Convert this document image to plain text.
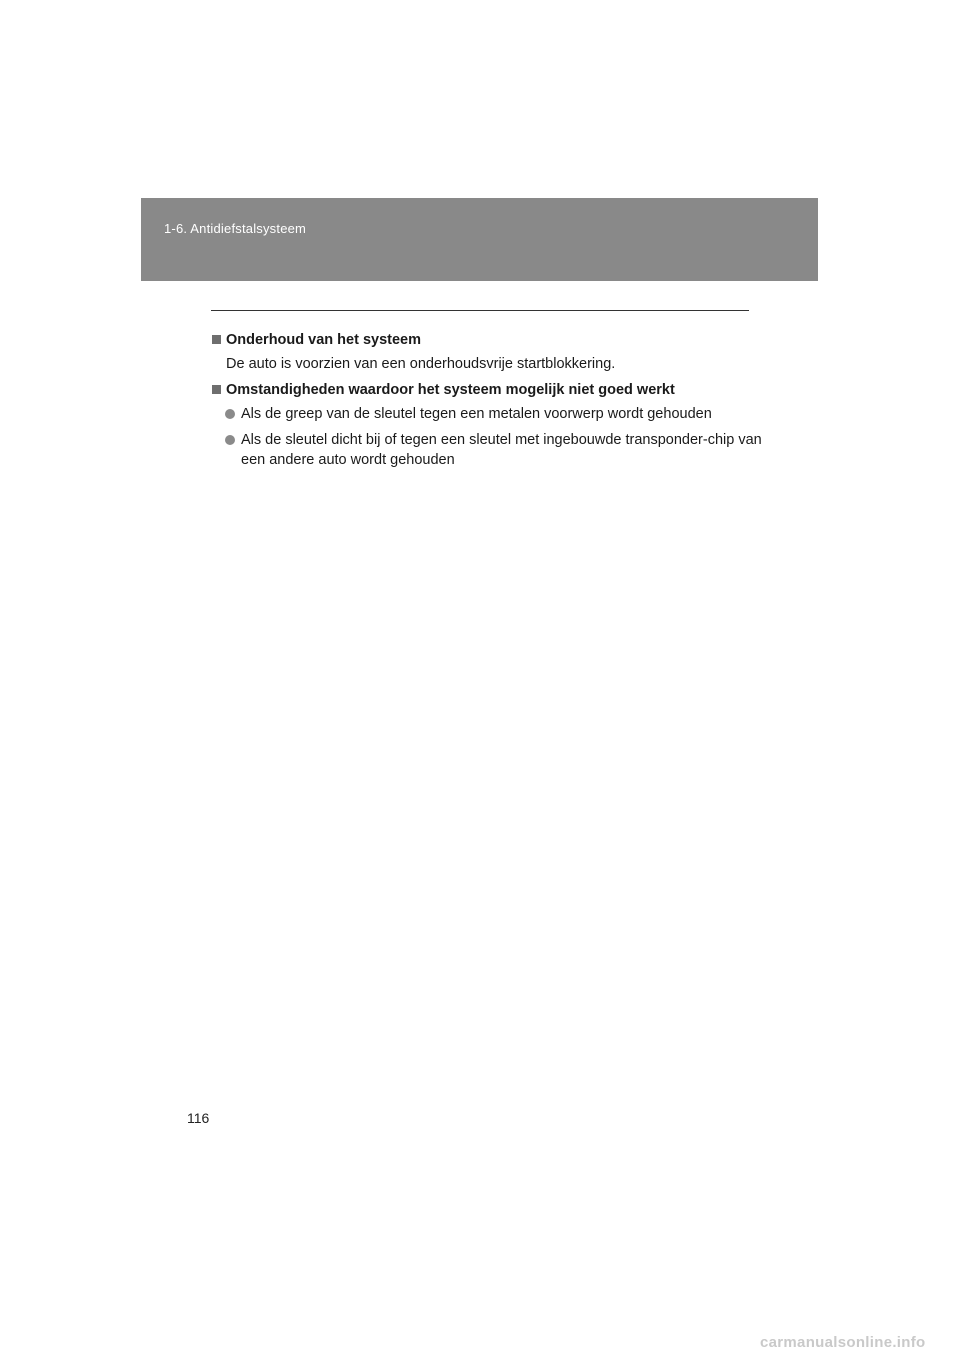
1-6. Antidiefstalsysteem
Onderhoud van het systeem
De auto is voorzien van een onderhoudsvrije startblokkering.
Omstandigheden waardoor het systeem mogelijk niet goed werkt
Als de greep van de sleutel tegen een metalen voorwerp wordt gehouden
Als de sleutel dicht bij of tegen een sleutel met ingebouwde transponder-chip van een andere auto wordt gehouden
116
carmanualsonline.info
